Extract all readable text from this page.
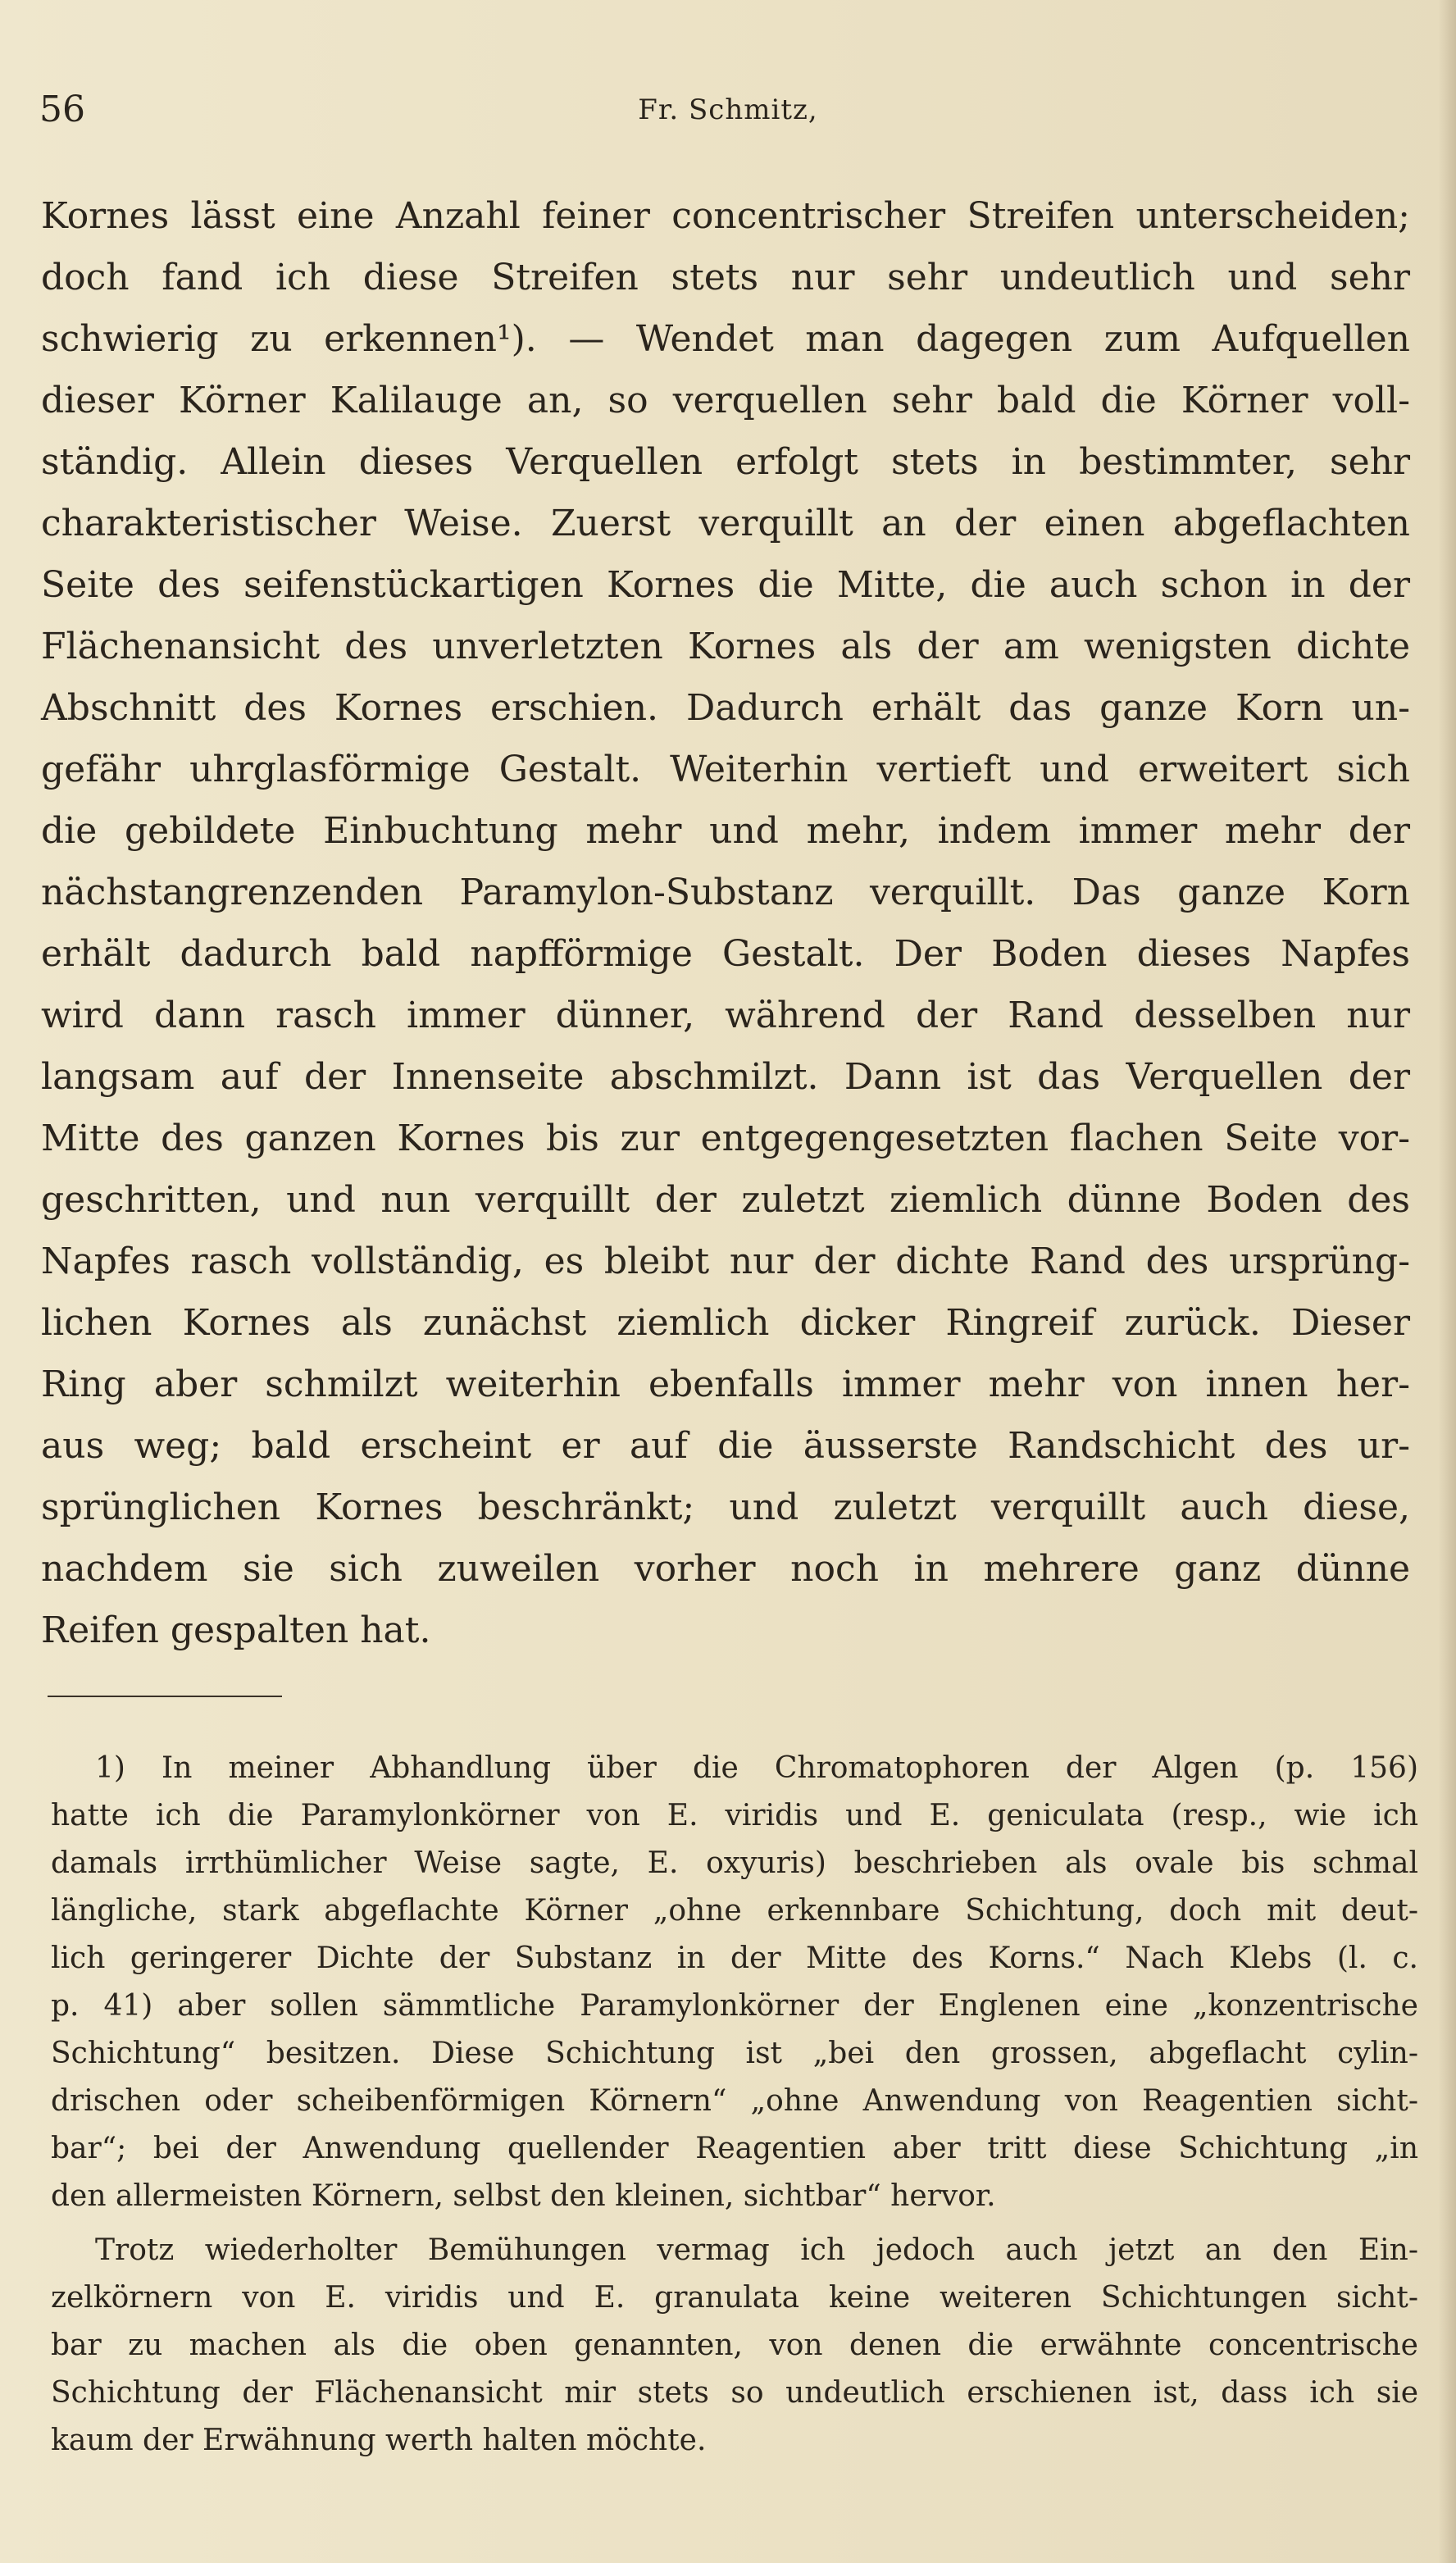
56	Fr. Schmitz,
Kornes lässt eine Anzahl feiner concentrischer Streifen unterscheiden;
doch fand ich diese Streifen stets nur sehr undeutlich und sehr
schwierig zu erkennen¹). — Wendet man dagegen zum Aufquellen
dieser Körner Kalilauge an, so verquellen sehr bald die Körner voll-
ständig. Allein dieses Verquellen erfolgt stets in bestimmter, sehr
charakteristischer Weise. Zuerst verquillt an der einen abgeflachten
Seite des seifenstückartigen Kornes die Mitte, die auch schon in der
Flächenansicht des unverletzten Kornes als der am wenigsten dichte
Abschnitt des Kornes erschien. Dadurch erhält das ganze Korn un-
gefähr uhrglasförmige Gestalt. Weiterhin vertieft und erweitert sich
die gebildete Einbuchtung mehr und mehr, indem immer mehr der
nächstangrenzenden Paramylon-Substanz verquillt. Das ganze Korn
erhält dadurch bald napfförmige Gestalt. Der Boden dieses Napfes
wird dann rasch immer dünner, während der Rand desselben nur
langsam auf der Innenseite abschmilzt. Dann ist das Verquellen der
Mitte des ganzen Kornes bis zur entgegengesetzten flachen Seite vor-
geschritten, und nun verquillt der zuletzt ziemlich dünne Boden des
Napfes rasch vollständig, es bleibt nur der dichte Rand des ursprüng-
lichen Kornes als zunächst ziemlich dicker Ringreif zurück. Dieser
Ring aber schmilzt weiterhin ebenfalls immer mehr von innen her-
aus weg; bald erscheint er auf die äusserste Randschicht des ur-
sprünglichen Kornes beschränkt; und zuletzt verquillt auch diese,
nachdem sie sich zuweilen vorher noch in mehrere ganz dünne
Reifen gespalten hat.
1) In meiner Abhandlung über die Chromatophoren der Algen (p. 156)
hatte ich die Paramylonkörner von E. viridis und E. geniculata (resp., wie ich
damals irrthümlicher Weise sagte, E. oxyuris) beschrieben als ovale bis schmal
längliche, stark abgeflachte Körner „ohne erkennbare Schichtung, doch mit deut-
lich geringerer Dichte der Substanz in der Mitte des Korns.“ Nach Klebs (l. c.
p. 41) aber sollen sämmtliche Paramylonkörner der Englenen eine „konzentrische
Schichtung“ besitzen. Diese Schichtung ist „bei den grossen, abgeflacht cylin-
drischen oder scheibenförmigen Körnern“ „ohne Anwendung von Reagentien sicht-
bar“; bei der Anwendung quellender Reagentien aber tritt diese Schichtung „in
den allermeisten Körnern, selbst den kleinen, sichtbar“ hervor.
Trotz wiederholter Bemühungen vermag ich jedoch auch jetzt an den Ein-
zelkörnern von E. viridis und E. granulata keine weiteren Schichtungen sicht-
bar zu machen als die oben genannten, von denen die erwähnte concentrische
Schichtung der Flächenansicht mir stets so undeutlich erschienen ist, dass ich sie
kaum der Erwähnung werth halten möchte.
